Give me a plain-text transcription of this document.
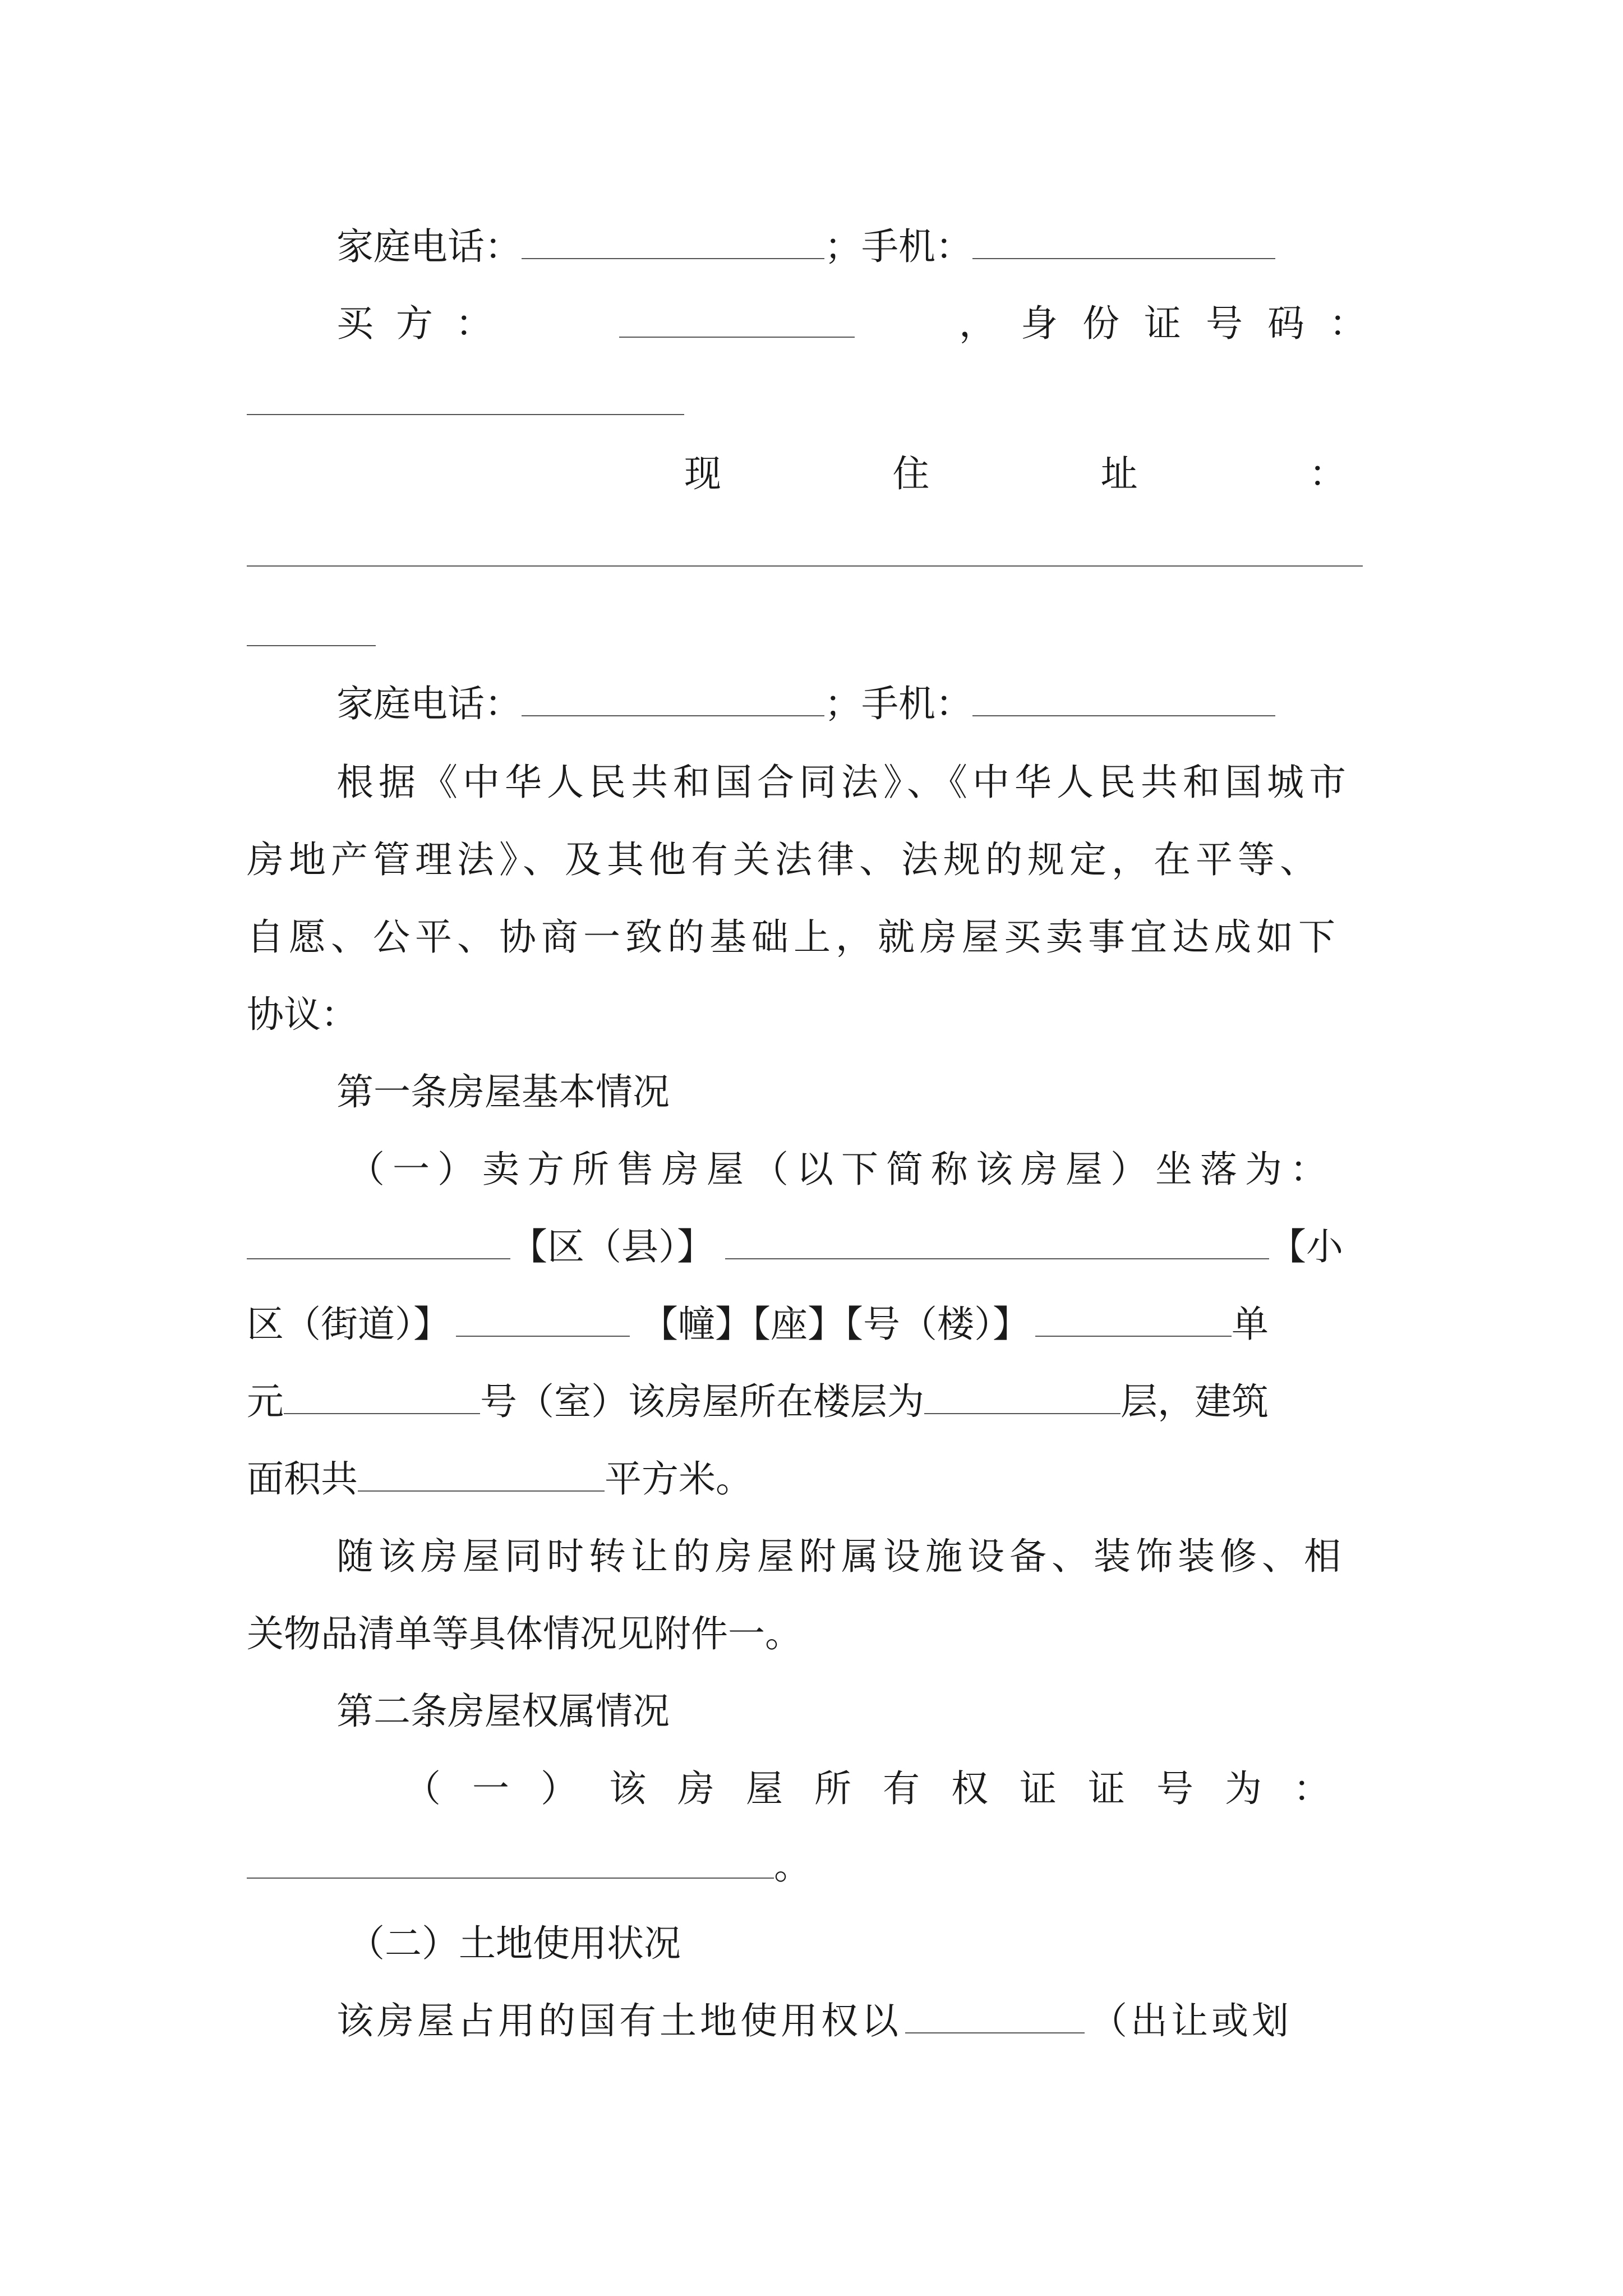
家庭电话：	；手机：
买方：	，身份证号码：
现	住	址	：
家庭电话：	；手机：
根据《中华人民共和国合同法》、《中华人民共和国城市
房地产管理法》、及其他有关法律、法规的规定，在平等、
自愿、公平、协商一致的基础上，就房屋买卖事宜达成如下
协议：
第一条房屋基本情况
（一）卖方所售房屋（以下简称该房屋）坐落为：
【区（县）】	【小
区（街道）】	【幢】【座】【号（楼）】	单
元	号（室）该房屋所在楼层为	层，建筑
面积共	平方米。
随该房屋同时转让的房屋附属设施设备、装饰装修、相
关物品清单等具体情况见附件一。
第二条房屋权属情况
（一）该房屋所有权证证号为：
。
（二）土地使用状况
该房屋占用的国有土地使用权以	（出让或划
